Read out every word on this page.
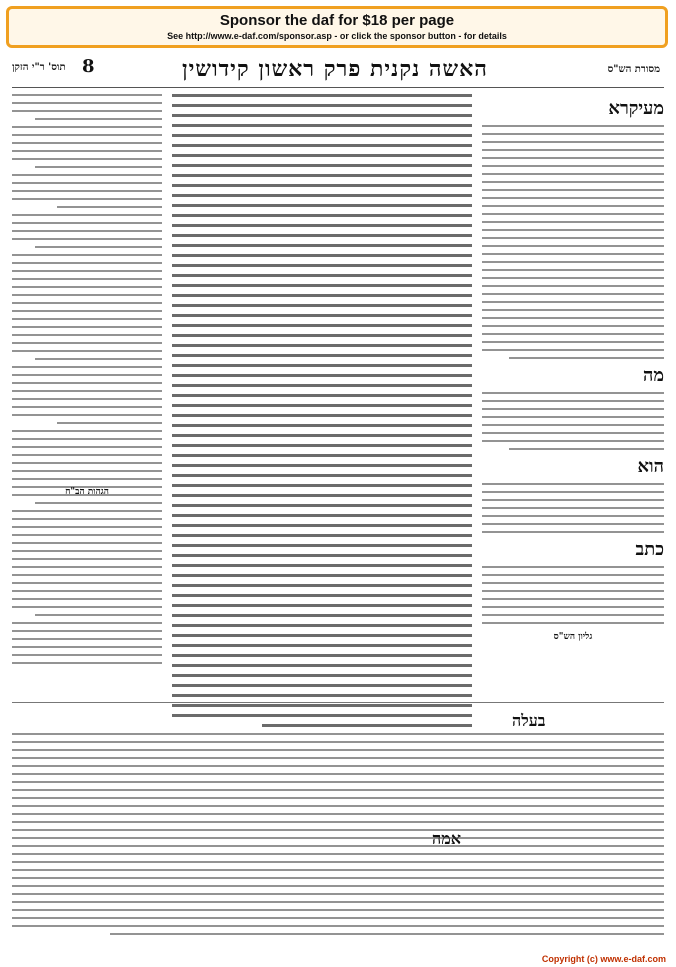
Sponsor the daf for $18 per page
See http://www.e-daf.com/sponsor.asp - or click the sponsor button - for details
תוס' ר"י הזקן 8	האשה נקנית פרק ראשון קידושין	מסורת הש"ס
הגהות הב"ח
מעיקרא
מה
הוא
כתב
גליון הש"ס
בעלה
Copyright (c) www.e-daf.com
